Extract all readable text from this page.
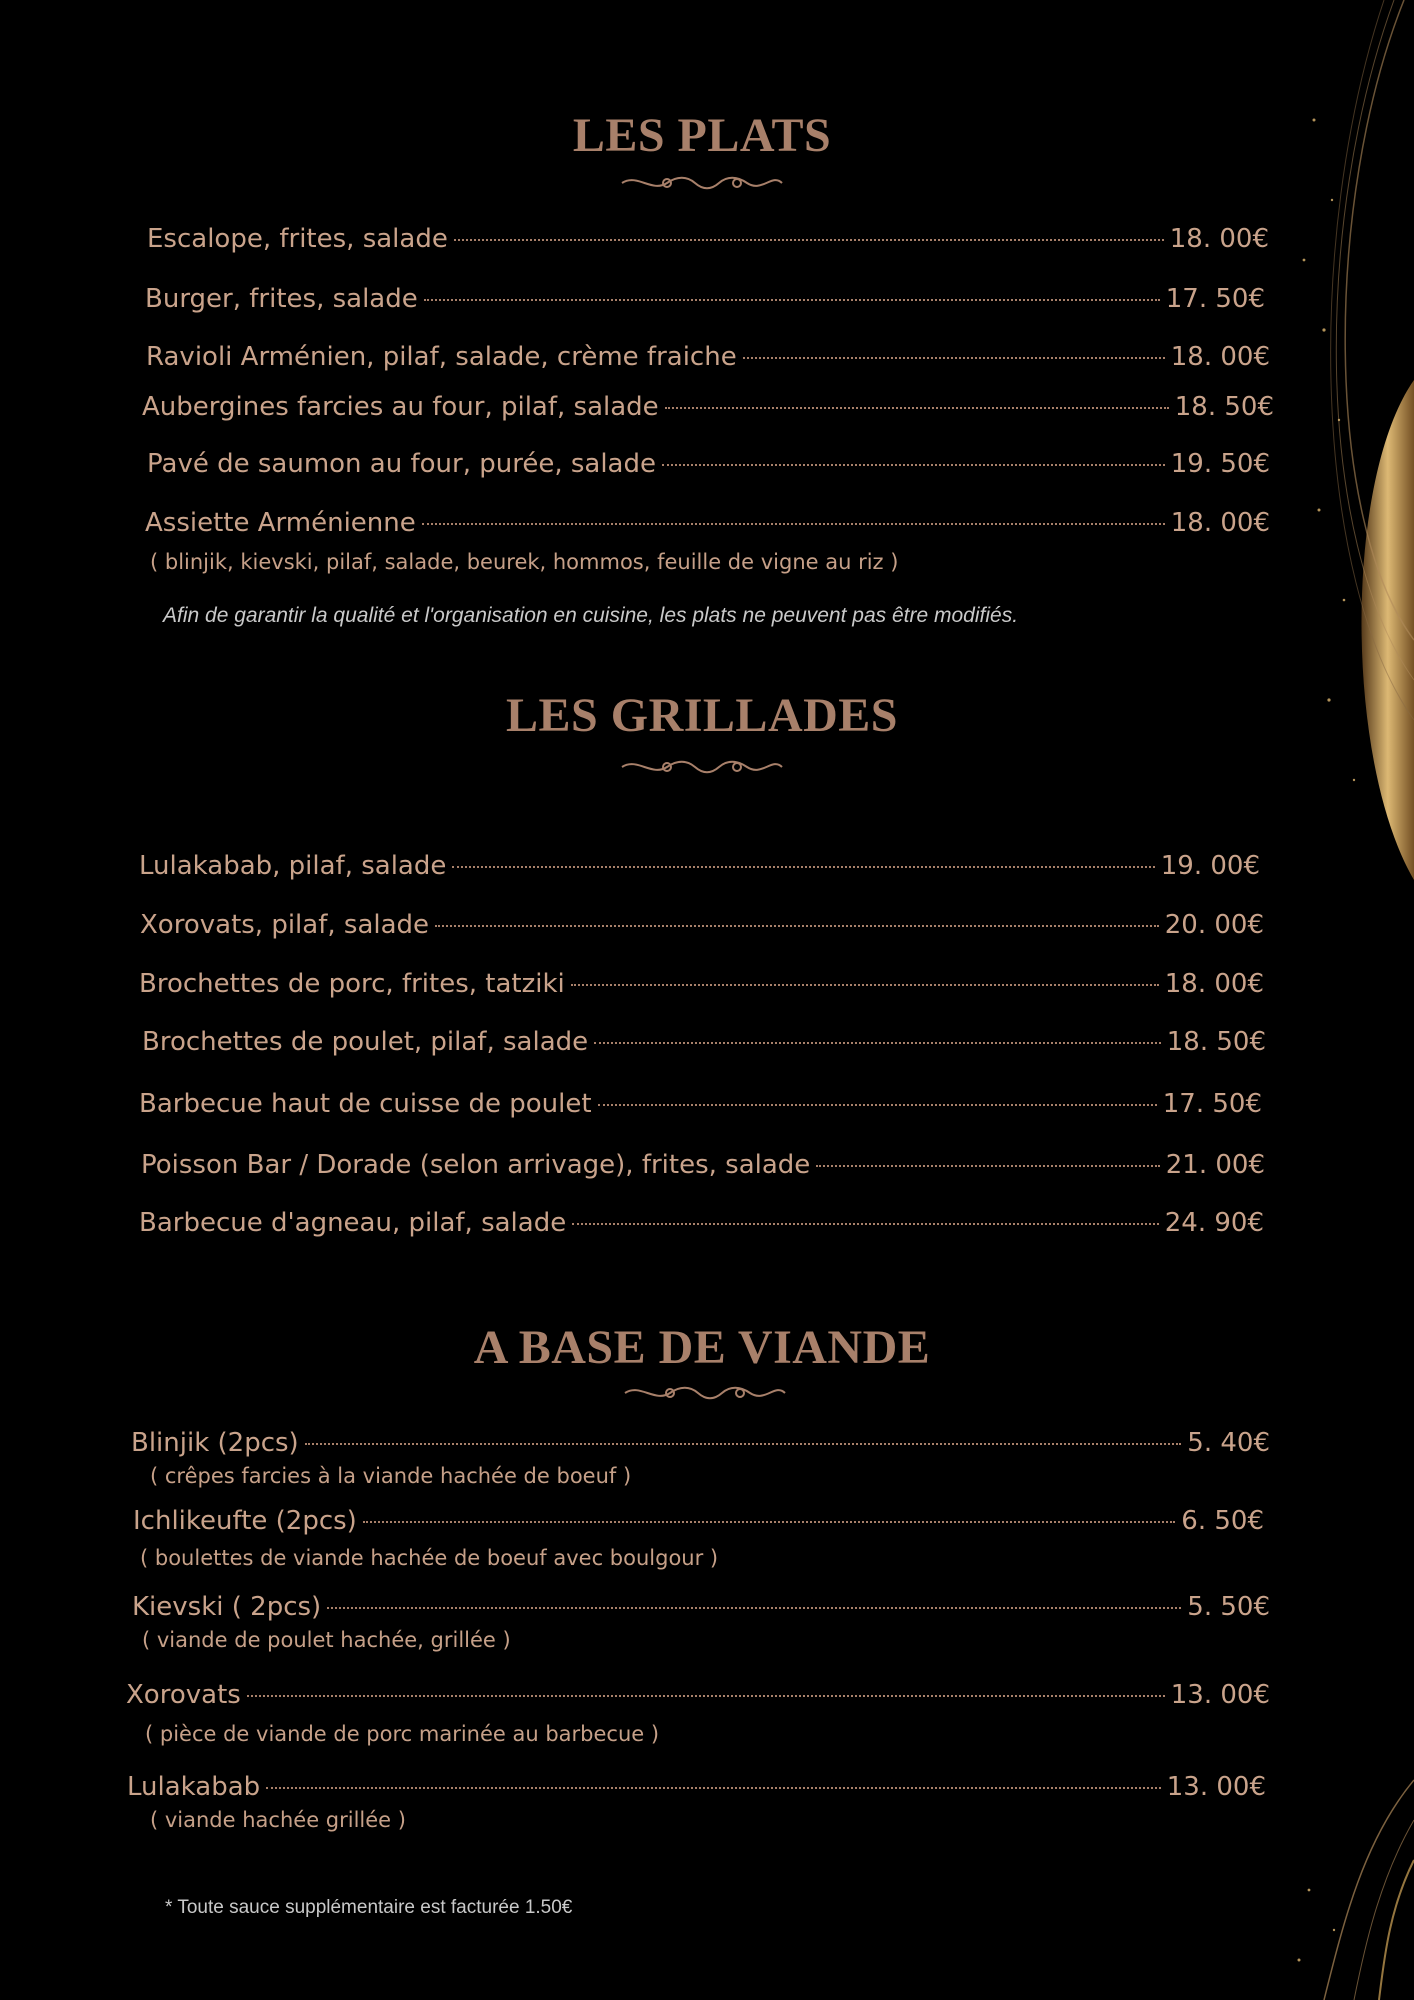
LES PLATS
Escalope, frites, salade	18. 00€
Burger, frites, salade	17. 50€
Ravioli Arménien, pilaf, salade, crème fraiche	18. 00€
Aubergines farcies au four, pilaf, salade	18. 50€
Pavé de saumon au four, purée, salade	19. 50€
Assiette Arménienne	18. 00€
( blinjik, kievski, pilaf, salade, beurek, hommos, feuille de vigne au riz )
Afin de garantir la qualité et l'organisation en cuisine, les plats ne peuvent pas être modifiés.
LES GRILLADES
Lulakabab, pilaf, salade	19. 00€
Xorovats, pilaf, salade	20. 00€
Brochettes de porc, frites, tatziki	18. 00€
Brochettes de poulet, pilaf, salade	18. 50€
Barbecue haut de cuisse de poulet	17. 50€
Poisson Bar / Dorade (selon arrivage), frites, salade	21. 00€
Barbecue d'agneau, pilaf, salade	24. 90€
A BASE DE VIANDE
Blinjik (2pcs)	5. 40€
( crêpes farcies à la viande hachée de boeuf )
Ichlikeufte (2pcs)	6. 50€
( boulettes de viande hachée de boeuf avec boulgour )
Kievski ( 2pcs)	5. 50€
( viande de poulet hachée, grillée )
Xorovats	13. 00€
( pièce de viande de porc marinée au barbecue )
Lulakabab	13. 00€
( viande hachée grillée )
* Toute sauce supplémentaire est facturée 1.50€
